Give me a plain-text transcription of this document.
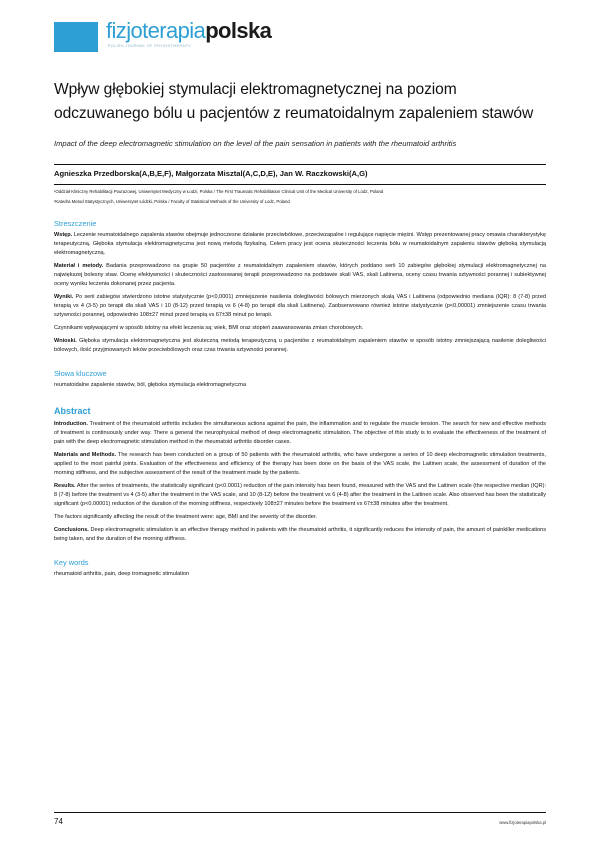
fizjoterapiapolska
POLISH JOURNAL OF PHYSIOTHERAPY
Wpływ głębokiej stymulacji elektromagnetycznej na poziom odczuwanego bólu u pacjentów z reumatoidalnym zapaleniem stawów
Impact of the deep electromagnetic stimulation on the level of the pain sensation in patients with the rheumatoid arthritis
Agnieszka Przedborska(A,B,E,F), Małgorzata Misztal(A,C,D,E), Jan W. Raczkowski(A,G)
¹Oddział Kliniczny Rehabilitacji Pourazowej, Uniwersytet Medyczny w Łodzi, Polska / The First Traumatic Rehabilitation Clinical Unit of the Medical University of Lodz, Poland
²Katedra Metod Statystycznych, Uniwersytet Łódzki, Polska / Faculty of Statistical Methods of the University of Lodz, Poland
Streszczenie

Wstęp. Leczenie reumatoidalnego zapalenia stawów obejmuje jednoczesne działanie przeciwbólowe, przeciwzapalne i regulujące napięcie mięśni. Wstęp prezentowanej pracy omawia charakterystykę terapeutyczną. Głęboka stymulacja elektromagnetyczna jest nową metodą fizykalną. Celem pracy jest ocena skuteczności leczenia bólu w reumatoidalnym zapaleniu stawów głęboką stymulacją elektromagnetyczną.

Materiał i metody. Badania przeprowadzono na grupie 50 pacjentów z reumatoidalnym zapaleniem stawów, których poddano serii 10 zabiegów głębokiej stymulacji elektromagnetycznej na największej bolesny staw. Ocenę efektywności i skuteczności zastosowanej terapii przeprowadzono na podstawie skali VAS, skali Laitinena, oceny czasu trwania sztywności porannej i subiektywnej oceny wyniku leczenia dokonanej przez pacjenta.

Wyniki. Po serii zabiegów stwierdzono istotne statystycznie (p<0,0001) zmniejszenie nasilenia dolegliwości bólowych mierzonych skalą VAS i Laitinena (odpowiednio mediana (IQR): 8 (7-8) przed terapią vs 4 (3-5) po terapii dla skali VAS i 10 (8-12) przed terapią vs 6 (4-8) po terapii dla skali Laitinena). Zaobserwowano również istotne statystycznie (p<0,00001) zmniejszenie czasu trwania sztywności porannej, odpowiednio 108±27 minut przed terapią vs 67±38 minut po terapii.

Czynnikami wpływającymi w sposób istotny na efekt leczenia są: wiek, BMI oraz stopień zaawansowania zmian chorobowych.

Wnioski. Głęboka stymulacja elektromagnetyczna jest skuteczną metodą terapeutyczną u pacjentów z reumatoidalnym zapaleniem stawów w sposób istotny zmniejszającą nasilenie dolegliwości bólowych, ilość przyjmowanych leków przeciwbólowych oraz czas trwania sztywności porannej.

Słowa kluczowe
reumatoidalne zapalenie stawów, ból, głęboka stymulacja elektromagnetyczna
Abstract

Introduction. Treatment of the rheumatoid arthritis includes the simultaneous actions against the pain, the inflammation and to regulate the muscle tension. The search for new and effective methods of treatment is continuously under way. There a general the neurophysical method of deep electromagnetic stimulation. The objective of this study is to evaluate the effectiveness of the treatment of pain with the deep electromagnetic stimulation method in the rheumatoid arthritis disorder cases.

Materials and Methods. The research has been conducted on a group of 50 patients with the rheumatoid arthritis, who have undergone a series of 10 deep electromagnetic stimulation treatments, applied to the most painful joints. Evaluation of the effectiveness and efficiency of the therapy has been done on the basis of the VAS scale, the Laitinen scale, the assessment of duration of the morning stiffness, and the subjective assessment of the result of the treatment made by the patients.

Results. After the series of treatments, the statistically significant (p<0.0001) reduction of the pain intensity has been found, measured with the VAS and the Laitinen scale (the respective median (IQR): 8 (7-8) before the treatment vs 4 (3-5) after the treatment in the VAS scale, and 10 (8-12) before the treatment vs 6 (4-8) after the treatment in the Laitinen scale. Also observed has been the statistically significant (p<0.00001) reduction of the duration of the morning stiffness, respectively 108±27 minutes before the treatment vs 67±38 minutes after the treatment.

The factors significantly affecting the result of the treatment were: age, BMI and the severity of the disorder.

Conclusions. Deep electromagnetic stimulation is an effective therapy method in patients with the rheumatoid arthritis, it significantly reduces the intensity of pain, the amount of painkiller medications being taken, and the duration of the morning stiffness.

Key words
rheumatoid arthritis, pain, deep tromagnetic stimulation
74	www.fizjoterapiapolska.pl
